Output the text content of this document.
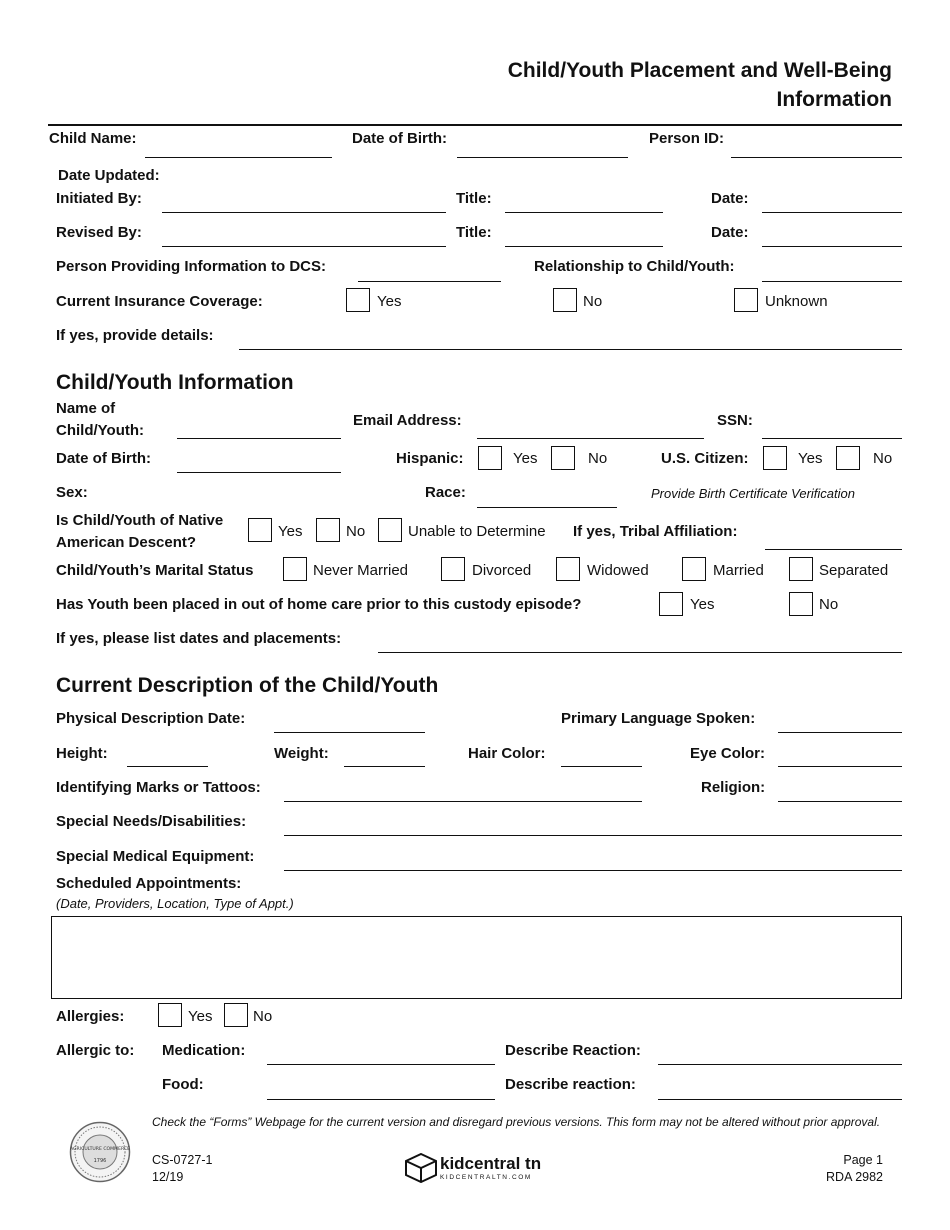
Child/Youth Placement and Well-Being
Information
Child Name:	Date of Birth:	Person ID:
Date Updated:
Initiated By:	Title:	Date:
Revised By:	Title:	Date:
Person Providing Information to DCS:	Relationship to Child/Youth:
Current Insurance Coverage:	Yes	No	Unknown
If yes, provide details:
Child/Youth Information
Name of
Child/Youth:
Email Address:	SSN:
Date of Birth:	Hispanic:	Yes	No	U.S. Citizen:	Yes	No
Sex:	Race:	Provide Birth Certificate Verification
Is Child/Youth of Native
American Descent?
Yes	No	Unable to Determine If yes, Tribal Affiliation:
Child/Youth’s Marital Status	Never Married	Divorced	Widowed	Married	Separated
Has Youth been placed in out of home care prior to this custody episode?	Yes	No
If yes, please list dates and placements:
Current Description of the Child/Youth
Physical Description Date:	Primary Language Spoken:
Height:	Weight:	Hair Color:	Eye Color:
Identifying Marks or Tattoos:	Religion:
Special Needs/Disabilities:
Special Medical Equipment:
Scheduled Appointments:
(Date, Providers, Location, Type of Appt.)
Allergies:	Yes	No
Allergic to: Medication:	Describe Reaction:
Food:	Describe reaction:
AGRICULTURE COMMERCE
1796
Check the “Forms” Webpage for the current version and disregard previous versions. This form may not be altered without prior approval.
CS-0727-1
12/19
kidcentral tn
KIDCENTRALTN.COM
Page 1
RDA 2982
